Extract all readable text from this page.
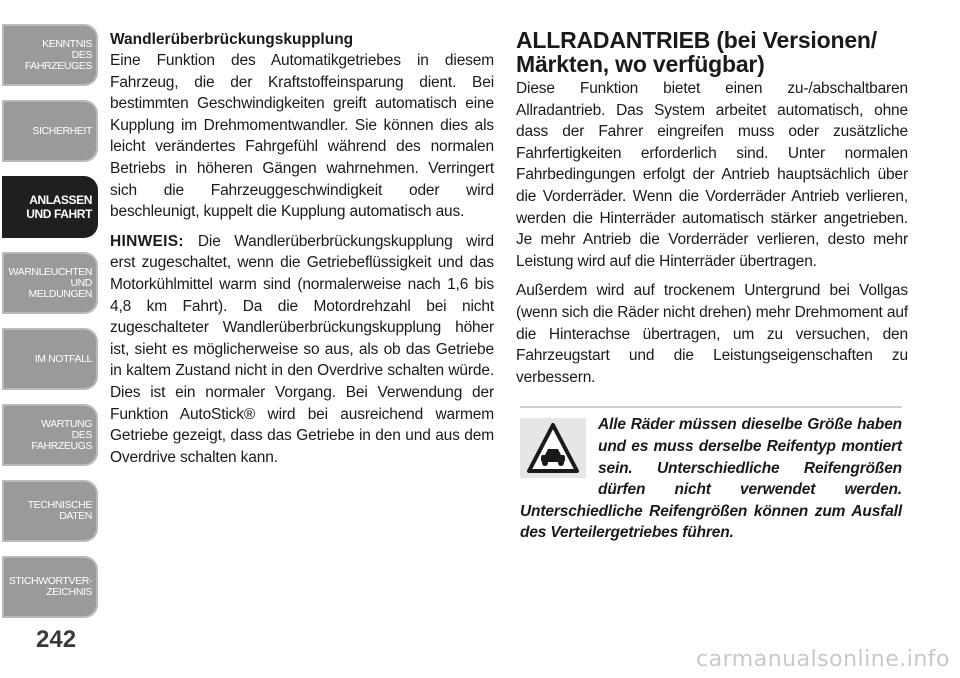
KENNTNIS
DES
FAHRZEUGES
SICHERHEIT
ANLASSEN
UND FAHRT
WARNLEUCHTEN
UND
MELDUNGEN
IM NOTFALL
WARTUNG
DES
FAHRZEUGS
TECHNISCHE
DATEN
STICHWORTVER-
ZEICHNIS
242
Wandlerüberbrückungskupplung

Eine Funktion des Automatikgetriebes in diesem Fahrzeug, die der Kraftstoffeinsparung dient. Bei bestimmten Geschwindigkeiten greift automatisch eine Kupplung im Drehmomentwandler. Sie können dies als leicht verändertes Fahrgefühl während des normalen Betriebs in höheren Gängen wahrnehmen. Verringert sich die Fahrzeuggeschwindigkeit oder wird beschleunigt, kuppelt die Kupplung automatisch aus.

HINWEIS: Die Wandlerüberbrückungskupplung wird erst zugeschaltet, wenn die Getriebeflüssigkeit und das Motorkühlmittel warm sind (normalerweise nach 1,6 bis 4,8 km Fahrt). Da die Motordrehzahl bei nicht zugeschalteter Wandlerüberbrückungskupplung höher ist, sieht es möglicherweise so aus, als ob das Getriebe in kaltem Zustand nicht in den Overdrive schalten würde. Dies ist ein normaler Vorgang. Bei Verwendung der Funktion AutoStick® wird bei ausreichend warmem Getriebe gezeigt, dass das Getriebe in den und aus dem Overdrive schalten kann.

ALLRADANTRIEB (bei Versionen/ Märkten, wo verfügbar)

Diese Funktion bietet einen zu-/abschaltbaren Allradantrieb. Das System arbeitet automatisch, ohne dass der Fahrer eingreifen muss oder zusätzliche Fahrfertigkeiten erforderlich sind. Unter normalen Fahrbedingungen erfolgt der Antrieb hauptsächlich über die Vorderräder. Wenn die Vorderräder Antrieb verlieren, werden die Hinterräder automatisch stärker angetrieben. Je mehr Antrieb die Vorderräder verlieren, desto mehr Leistung wird auf die Hinterräder übertragen.

Außerdem wird auf trockenem Untergrund bei Vollgas (wenn sich die Räder nicht drehen) mehr Drehmoment auf die Hinterachse übertragen, um zu versuchen, den Fahrzeugstart und die Leistungseigenschaften zu verbessern.

Alle Räder müssen dieselbe Größe haben und es muss derselbe Reifentyp montiert sein. Unterschiedliche Reifengrößen dürfen nicht verwendet werden. Unterschiedliche Reifengrößen können zum Ausfall des Verteilergetriebes führen.

carmanualsonline.info
